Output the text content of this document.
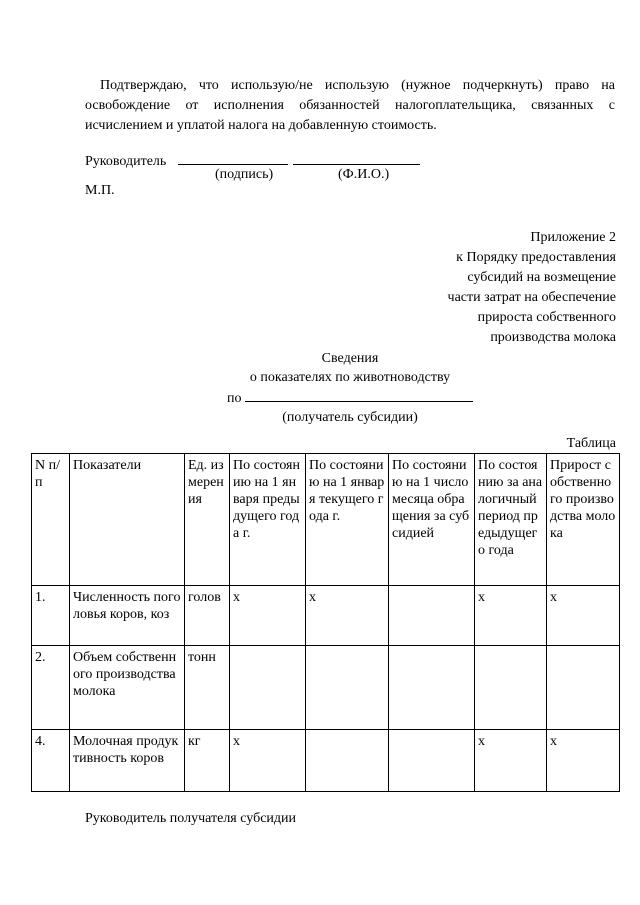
Подтверждаю, что использую/не использую (нужное подчеркнуть) право на освобождение от исполнения обязанностей налогоплательщика, связанных с исчислением и уплатой налога на добавленную стоимость.
Руководитель
(подпись)	(Ф.И.О.)
М.П.
Приложение 2
к Порядку предоставления
субсидий на возмещение
части затрат на обеспечение
прироста собственного
производства молока
Сведения
о показателях по животноводству
по
(получатель субсидии)
Таблица
N п/п	Показатели	Ед. измерения	По состоянию на 1 января предыдущего года г.	По состоянию на 1 января текущего года г.	По состоянию на 1 число месяца обращения за субсидией	По состоянию за аналогичный период предыдущего года	Прирост собственного производства молока
1.	Численность поголовья коров, коз	голов	х	х		х	х
2.	Объем собственного производства молока	тонн					
4.	Молочная продуктивность коров	кг	х			х	х
Руководитель получателя субсидии
